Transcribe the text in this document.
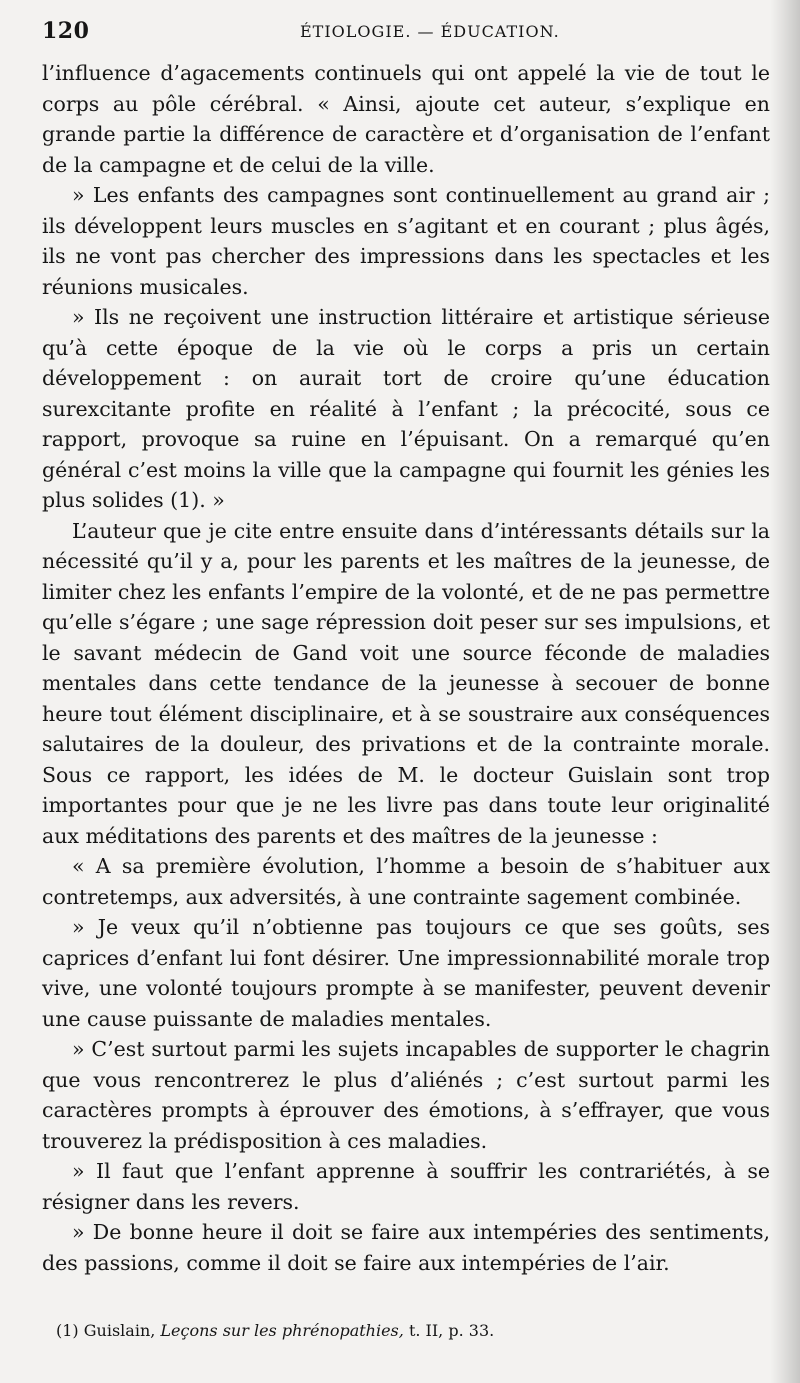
120	ÉTIOLOGIE. — ÉDUCATION.

l’influence d’agacements continuels qui ont appelé la vie de tout le corps au pôle cérébral. « Ainsi, ajoute cet auteur, s’explique en grande partie la différence de caractère et d’organisation de l’enfant de la campagne et de celui de la ville.

» Les enfants des campagnes sont continuellement au grand air ; ils développent leurs muscles en s’agitant et en courant ; plus âgés, ils ne vont pas chercher des impressions dans les spectacles et les réunions musicales.

» Ils ne reçoivent une instruction littéraire et artistique sérieuse qu’à cette époque de la vie où le corps a pris un certain développement : on aurait tort de croire qu’une éducation surexcitante profite en réalité à l’enfant ; la précocité, sous ce rapport, provoque sa ruine en l’épuisant. On a remarqué qu’en général c’est moins la ville que la campagne qui fournit les génies les plus solides (1). »

L’auteur que je cite entre ensuite dans d’intéressants détails sur la nécessité qu’il y a, pour les parents et les maîtres de la jeunesse, de limiter chez les enfants l’empire de la volonté, et de ne pas permettre qu’elle s’égare ; une sage répression doit peser sur ses impulsions, et le savant médecin de Gand voit une source féconde de maladies mentales dans cette tendance de la jeunesse à secouer de bonne heure tout élément disciplinaire, et à se soustraire aux conséquences salutaires de la douleur, des privations et de la contrainte morale. Sous ce rapport, les idées de M. le docteur Guislain sont trop importantes pour que je ne les livre pas dans toute leur originalité aux méditations des parents et des maîtres de la jeunesse :

« A sa première évolution, l’homme a besoin de s’habituer aux contretemps, aux adversités, à une contrainte sagement combinée.

» Je veux qu’il n’obtienne pas toujours ce que ses goûts, ses caprices d’enfant lui font désirer. Une impressionnabilité morale trop vive, une volonté toujours prompte à se manifester, peuvent devenir une cause puissante de maladies mentales.

» C’est surtout parmi les sujets incapables de supporter le chagrin que vous rencontrerez le plus d’aliénés ; c’est surtout parmi les caractères prompts à éprouver des émotions, à s’effrayer, que vous trouverez la prédisposition à ces maladies.

» Il faut que l’enfant apprenne à souffrir les contrariétés, à se résigner dans les revers.

» De bonne heure il doit se faire aux intempéries des sentiments, des passions, comme il doit se faire aux intempéries de l’air.

(1) Guislain, Leçons sur les phrénopathies, t. II, p. 33.
